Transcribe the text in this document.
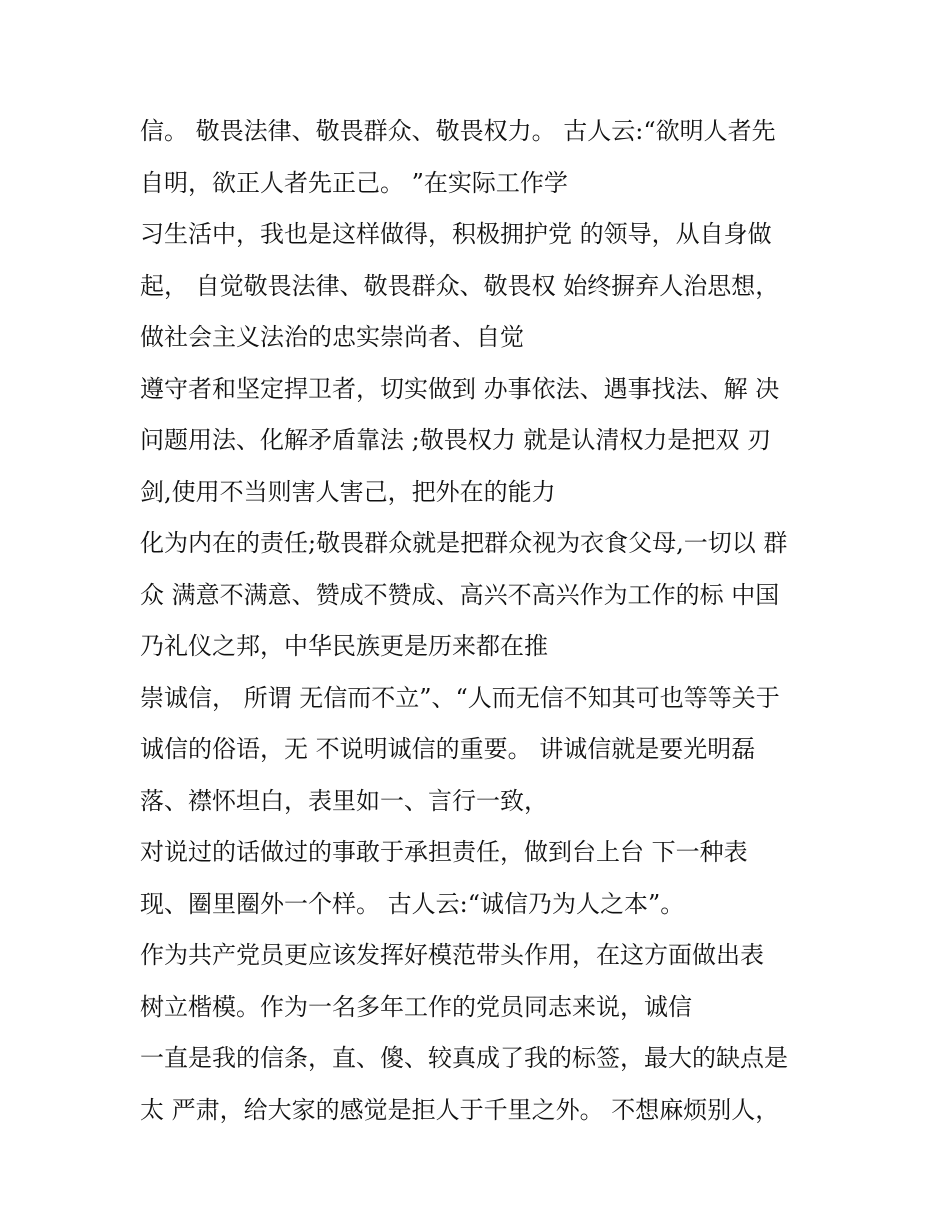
信。 敬畏法律、敬畏群众、敬畏权力。 古人云:“欲明人者先
自明，欲正人者先正己。 ”在实际工作学
习生活中，我也是这样做得，积极拥护党 的领导，从自身做
起， 自觉敬畏法律、敬畏群众、敬畏权 始终摒弃人治思想，
做社会主义法治的忠实崇尚者、自觉
遵守者和坚定捍卫者，切实做到 办事依法、遇事找法、解 决
问题用法、化解矛盾靠法 ;敬畏权力 就是认清权力是把双 刃
剑,使用不当则害人害己，把外在的能力
化为内在的责任;敬畏群众就是把群众视为衣食父母,一切以 群
众 满意不满意、赞成不赞成、高兴不高兴作为工作的标 中国
乃礼仪之邦，中华民族更是历来都在推
崇诚信， 所谓 无信而不立”、“人而无信不知其可也等等关于
诚信的俗语，无 不说明诚信的重要。 讲诚信就是要光明磊
落、襟怀坦白，表里如一、言行一致，
对说过的话做过的事敢于承担责任，做到台上台 下一种表
现、圈里圈外一个样。 古人云:“诚信乃为人之本”。
作为共产党员更应该发挥好模范带头作用，在这方面做出表
树立楷模。作为一名多年工作的党员同志来说，诚信
一直是我的信条，直、傻、较真成了我的标签，最大的缺点是
太 严肃，给大家的感觉是拒人于千里之外。 不想麻烦别人，
